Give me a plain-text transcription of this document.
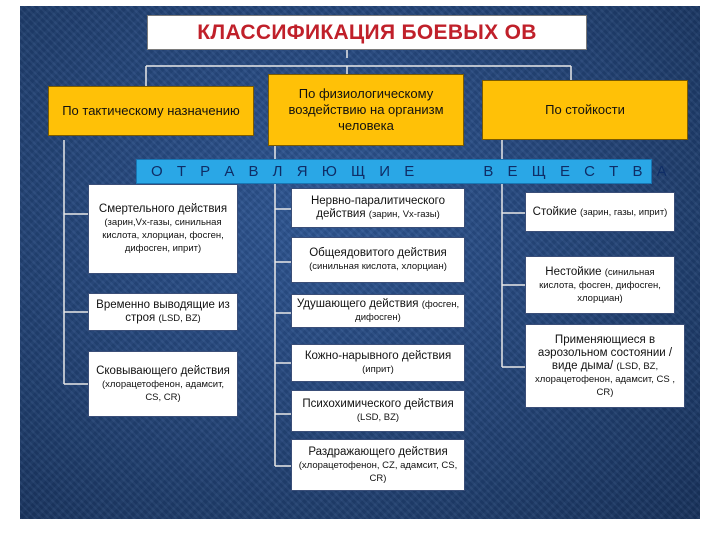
КЛАССИФИКАЦИЯ БОЕВЫХ ОВ
По тактическому назначению
По физиологическому воздействию на организм человека
По стойкости
О Т Р А В Л Я Ю Щ И Е       В Е Щ Е С Т В А
Смертельного действия (зарин,Vx-газы, синильная кислота, хлорциан, фосген, дифосген, иприт)
Временно выводящие из строя (LSD, BZ)
Сковывающего действия (хлорацетофенон, адамсит, CS, CR)
Нервно-паралитического действия (зарин, Vx-газы)
Общеядовитого действия (синильная кислота, хлорциан)
Удушающего действия (фосген, дифосген)
Кожно-нарывного действия (иприт)
Психохимического действия (LSD, BZ)
Раздражающего действия (хлорацетофенон, CZ, адамсит, CS, CR)
Стойкие (зарин, газы, иприт)
Нестойкие (синильная кислота, фосген, дифосген, хлорциан)
Применяющиеся в аэрозольном состоянии / виде дыма/ (LSD, BZ, хлорацетофенон, адамсит, CS , CR)
